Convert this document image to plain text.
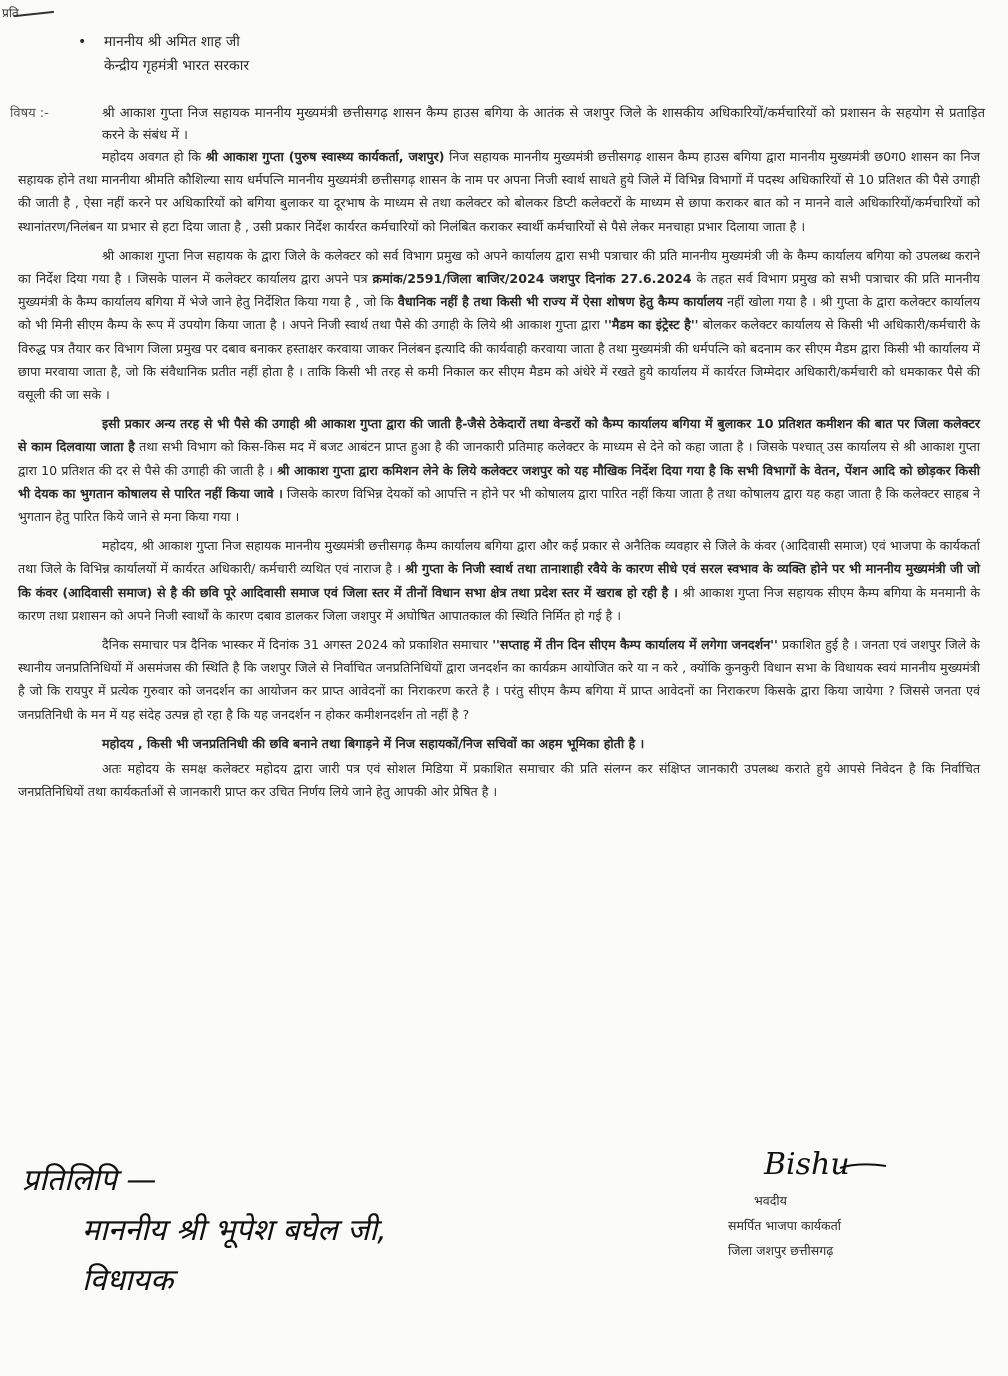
प्रति
•	माननीय श्री अमित शाह जी
केन्द्रीय गृहमंत्री भारत सरकार
विषय :-	श्री आकाश गुप्ता निज सहायक माननीय मुख्यमंत्री छत्तीसगढ़ शासन कैम्प हाउस बगिया के आतंक से जशपुर जिले के शासकीय अधिकारियों/कर्मचारियों को प्रशासन के सहयोग से प्रताड़ित करने के संबंध में ।

महोदय अवगत हो कि श्री आकाश गुप्ता (पुरुष स्वास्थ्य कार्यकर्ता, जशपुर) निज सहायक माननीय मुख्यमंत्री छत्तीसगढ़ शासन कैम्प हाउस बगिया द्वारा माननीय मुख्यमंत्री छ0ग0 शासन का निज सहायक होने तथा माननीया श्रीमति कौशिल्या साय धर्मपत्नि माननीय मुख्यमंत्री छत्तीसगढ़ शासन के नाम पर अपना निजी स्वार्थ साधते हुये जिले में विभिन्न विभागों में पदस्थ अधिकारियों से 10 प्रतिशत की पैसे उगाही की जाती है , ऐसा नहीं करने पर अधिकारियों को बगिया बुलाकर या दूरभाष के माध्यम से तथा कलेक्टर को बोलकर डिप्टी कलेक्टरों के माध्यम से छापा कराकर बात को न मानने वाले अधिकारियों/कर्मचारियों को स्थानांतरण/निलंबन या प्रभार से हटा दिया जाता है , उसी प्रकार निर्देश कार्यरत कर्मचारियों को निलंबित कराकर स्वार्थी कर्मचारियों से पैसे लेकर मनचाहा प्रभार दिलाया जाता है ।

श्री आकाश गुप्ता निज सहायक के द्वारा जिले के कलेक्टर को सर्व विभाग प्रमुख को अपने कार्यालय द्वारा सभी पत्राचार की प्रति माननीय मुख्यमंत्री जी के कैम्प कार्यालय बगिया को उपलब्ध कराने का निर्देश दिया गया है । जिसके पालन में कलेक्टर कार्यालय द्वारा अपने पत्र क्रमांक/2591/जिला बाजिर/2024 जशपुर दिनांक 27.6.2024 के तहत सर्व विभाग प्रमुख को सभी पत्राचार की प्रति माननीय मुख्यमंत्री के कैम्प कार्यालय बगिया में भेजे जाने हेतु निर्देशित किया गया है , जो कि वैधानिक नहीं है तथा किसी भी राज्य में ऐसा शोषण हेतु कैम्प कार्यालय नहीं खोला गया है । श्री गुप्ता के द्वारा कलेक्टर कार्यालय को भी मिनी सीएम कैम्प के रूप में उपयोग किया जाता है । अपने निजी स्वार्थ तथा पैसे की उगाही के लिये श्री आकाश गुप्ता द्वारा ''मैडम का इंट्रेस्ट है'' बोलकर कलेक्टर कार्यालय से किसी भी अधिकारी/कर्मचारी के विरुद्ध पत्र तैयार कर विभाग जिला प्रमुख पर दबाव बनाकर हस्ताक्षर करवाया जाकर निलंबन इत्यादि की कार्यवाही करवाया जाता है तथा मुख्यमंत्री की धर्मपत्नि को बदनाम कर सीएम मैडम द्वारा किसी भी कार्यालय में छापा मरवाया जाता है, जो कि संवैधानिक प्रतीत नहीं होता है । ताकि किसी भी तरह से कमी निकाल कर सीएम मैडम को अंधेरे में रखते हुये कार्यालय में कार्यरत जिम्मेदार अधिकारी/कर्मचारी को धमकाकर पैसे की वसूली की जा सके ।

इसी प्रकार अन्य तरह से भी पैसे की उगाही श्री आकाश गुप्ता द्वारा की जाती है-जैसे ठेकेदारों तथा वेन्डरों को कैम्प कार्यालय बगिया में बुलाकर 10 प्रतिशत कमीशन की बात पर जिला कलेक्टर से काम दिलवाया जाता है तथा सभी विभाग को किस-किस मद में बजट आबंटन प्राप्त हुआ है की जानकारी प्रतिमाह कलेक्टर के माध्यम से देने को कहा जाता है । जिसके पश्चात् उस कार्यालय से श्री आकाश गुप्ता द्वारा 10 प्रतिशत की दर से पैसे की उगाही की जाती है । श्री आकाश गुप्ता द्वारा कमिशन लेने के लिये कलेक्टर जशपुर को यह मौखिक निर्देश दिया गया है कि सभी विभागों के वेतन, पेंशन आदि को छोड़कर किसी भी देयक का भुगतान कोषालय से पारित नहीं किया जावे । जिसके कारण विभिन्न देयकों को आपत्ति न होने पर भी कोषालय द्वारा पारित नहीं किया जाता है तथा कोषालय द्वारा यह कहा जाता है कि कलेक्टर साहब ने भुगतान हेतु पारित किये जाने से मना किया गया ।

महोदय, श्री आकाश गुप्ता निज सहायक माननीय मुख्यमंत्री छत्तीसगढ़ कैम्प कार्यालय बगिया द्वारा और कई प्रकार से अनैतिक व्यवहार से जिले के कंवर (आदिवासी समाज) एवं भाजपा के कार्यकर्ता तथा जिले के विभिन्न कार्यालयों में कार्यरत अधिकारी/ कर्मचारी व्यथित एवं नाराज है । श्री गुप्ता के निजी स्वार्थ तथा तानाशाही रवैये के कारण सीधे एवं सरल स्वभाव के व्यक्ति होने पर भी माननीय मुख्यमंत्री जी जो कि कंवर (आदिवासी समाज) से है की छवि पूरे आदिवासी समाज एवं जिला स्तर में तीनों विधान सभा क्षेत्र तथा प्रदेश स्तर में खराब हो रही है । श्री आकाश गुप्ता निज सहायक सीएम कैम्प बगिया के मनमानी के कारण तथा प्रशासन को अपने निजी स्वार्थों के कारण दबाव डालकर जिला जशपुर में अघोषित आपातकाल की स्थिति निर्मित हो गई है ।

दैनिक समाचार पत्र दैनिक भास्कर में दिनांक 31 अगस्त 2024 को प्रकाशित समाचार ''सप्ताह में तीन दिन सीएम कैम्प कार्यालय में लगेगा जनदर्शन'' प्रकाशित हुई है । जनता एवं जशपुर जिले के स्थानीय जनप्रतिनिधियों में असमंजस की स्थिति है कि जशपुर जिले से निर्वाचित जनप्रतिनिधियों द्वारा जनदर्शन का कार्यक्रम आयोजित करे या न करे , क्योंकि कुनकुरी विधान सभा के विधायक स्वयं माननीय मुख्यमंत्री है जो कि रायपुर में प्रत्येक गुरुवार को जनदर्शन का आयोजन कर प्राप्त आवेदनों का निराकरण करते है । परंतु सीएम कैम्प बगिया में प्राप्त आवेदनों का निराकरण किसके द्वारा किया जायेगा ? जिससे जनता एवं जनप्रतिनिधी के मन में यह संदेह उत्पन्न हो रहा है कि यह जनदर्शन न होकर कमीशनदर्शन तो नहीं है ?

महोदय , किसी भी जनप्रतिनिधी की छवि बनाने तथा बिगाड़ने में निज सहायकों/निज सचिवों का अहम भूमिका होती है ।

अतः महोदय के समक्ष कलेक्टर महोदय द्वारा जारी पत्र एवं सोशल मिडिया में प्रकाशित समाचार की प्रति संलग्न कर संक्षिप्त जानकारी उपलब्ध कराते हुये आपसे निवेदन है कि निर्वाचित जनप्रतिनिधियों तथा कार्यकर्ताओं से जानकारी प्राप्त कर उचित निर्णय लिये जाने हेतु आपकी ओर प्रेषित है ।

प्रतिलिपि —
माननीय श्री भूपेश बघेल जी,
विधायक
Bishu
भवदीय
समर्पित भाजपा कार्यकर्ता
जिला जशपुर छत्तीसगढ़
